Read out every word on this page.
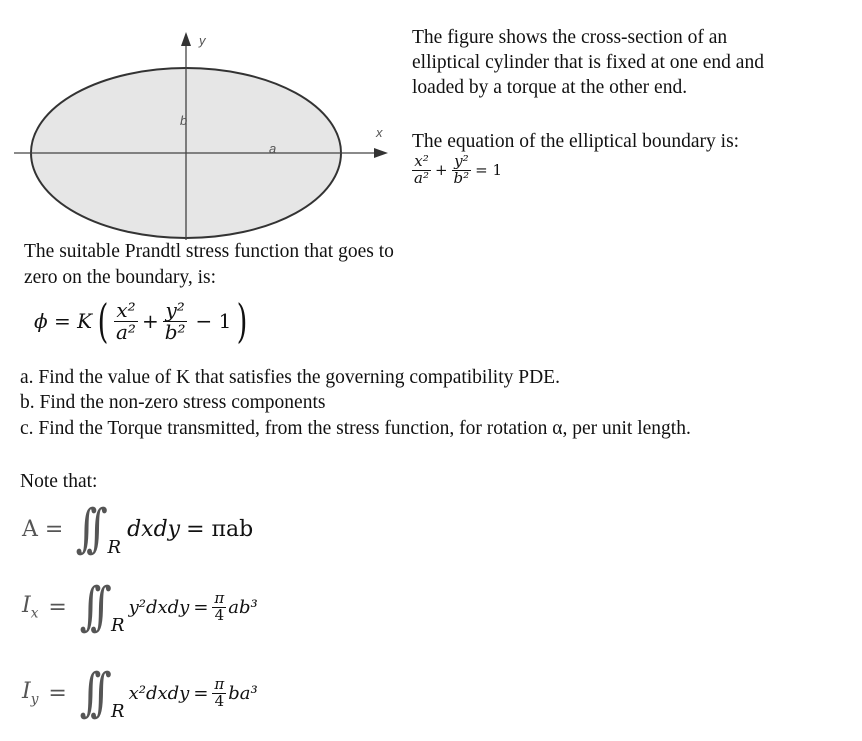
y
x
b
a
The figure shows the cross-section of an
elliptical cylinder that is fixed at one end and
loaded by a torque at the other end.
The equation of the elliptical boundary is:
$\frac{\text{x²}}{\text{a²}} + \frac{\text{y²}}{\text{b²}} = 1$
The suitable Prandtl stress function that goes to
zero on the boundary, is:
ϕ = K ( $\frac{\text{x²}}{\text{a²}} + \frac{\text{y²}}{\text{b²}} - 1$ )
a. Find the value of K that satisfies the governing compatibility PDE.
b. Find the non-zero stress components
c. Find the Torque transmitted, from the stress function, for rotation α, per unit length.
Note that:
A = ∫∫ R
dxdy = πab
$I_x$ = ∫∫ R
y²dxdy = $\frac{\pi}{4} ab^3$
$I_y$ = ∫∫ R
x²dxdy = $\frac{\pi}{4} ba^3$
